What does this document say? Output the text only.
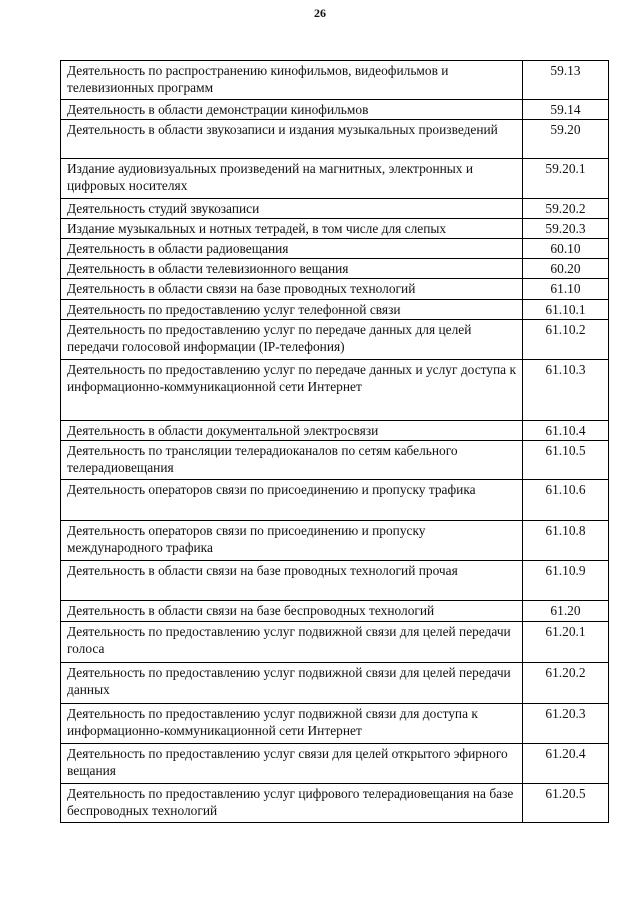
26
Деятельность по распространению кинофильмов, видеофильмов и телевизионных программ	59.13
Деятельность в области демонстрации кинофильмов	59.14
Деятельность в области звукозаписи и издания музыкальных произведений	59.20
Издание аудиовизуальных произведений на магнитных, электронных и цифровых носителях	59.20.1
Деятельность студий звукозаписи	59.20.2
Издание музыкальных и нотных тетрадей, в том числе для слепых	59.20.3
Деятельность в области радиовещания	60.10
Деятельность в области телевизионного вещания	60.20
Деятельность в области связи на базе проводных технологий	61.10
Деятельность по предоставлению услуг телефонной связи	61.10.1
Деятельность по предоставлению услуг по передаче данных для целей передачи голосовой информации (IP-телефония)	61.10.2
Деятельность по предоставлению услуг по передаче данных и услуг доступа к информационно-коммуникационной сети Интернет	61.10.3
Деятельность в области документальной электросвязи	61.10.4
Деятельность по трансляции телерадиоканалов по сетям кабельного телерадиовещания	61.10.5
Деятельность операторов связи по присоединению и пропуску трафика	61.10.6
Деятельность операторов связи по присоединению и пропуску международного трафика	61.10.8
Деятельность в области связи на базе проводных технологий прочая	61.10.9
Деятельность в области связи на базе беспроводных технологий	61.20
Деятельность по предоставлению услуг подвижной связи для целей передачи голоса	61.20.1
Деятельность по предоставлению услуг подвижной связи для целей передачи данных	61.20.2
Деятельность по предоставлению услуг подвижной связи для доступа к информационно-коммуникационной сети Интернет	61.20.3
Деятельность по предоставлению услуг связи для целей открытого эфирного вещания	61.20.4
Деятельность по предоставлению услуг цифрового телерадиовещания на базе беспроводных технологий	61.20.5
